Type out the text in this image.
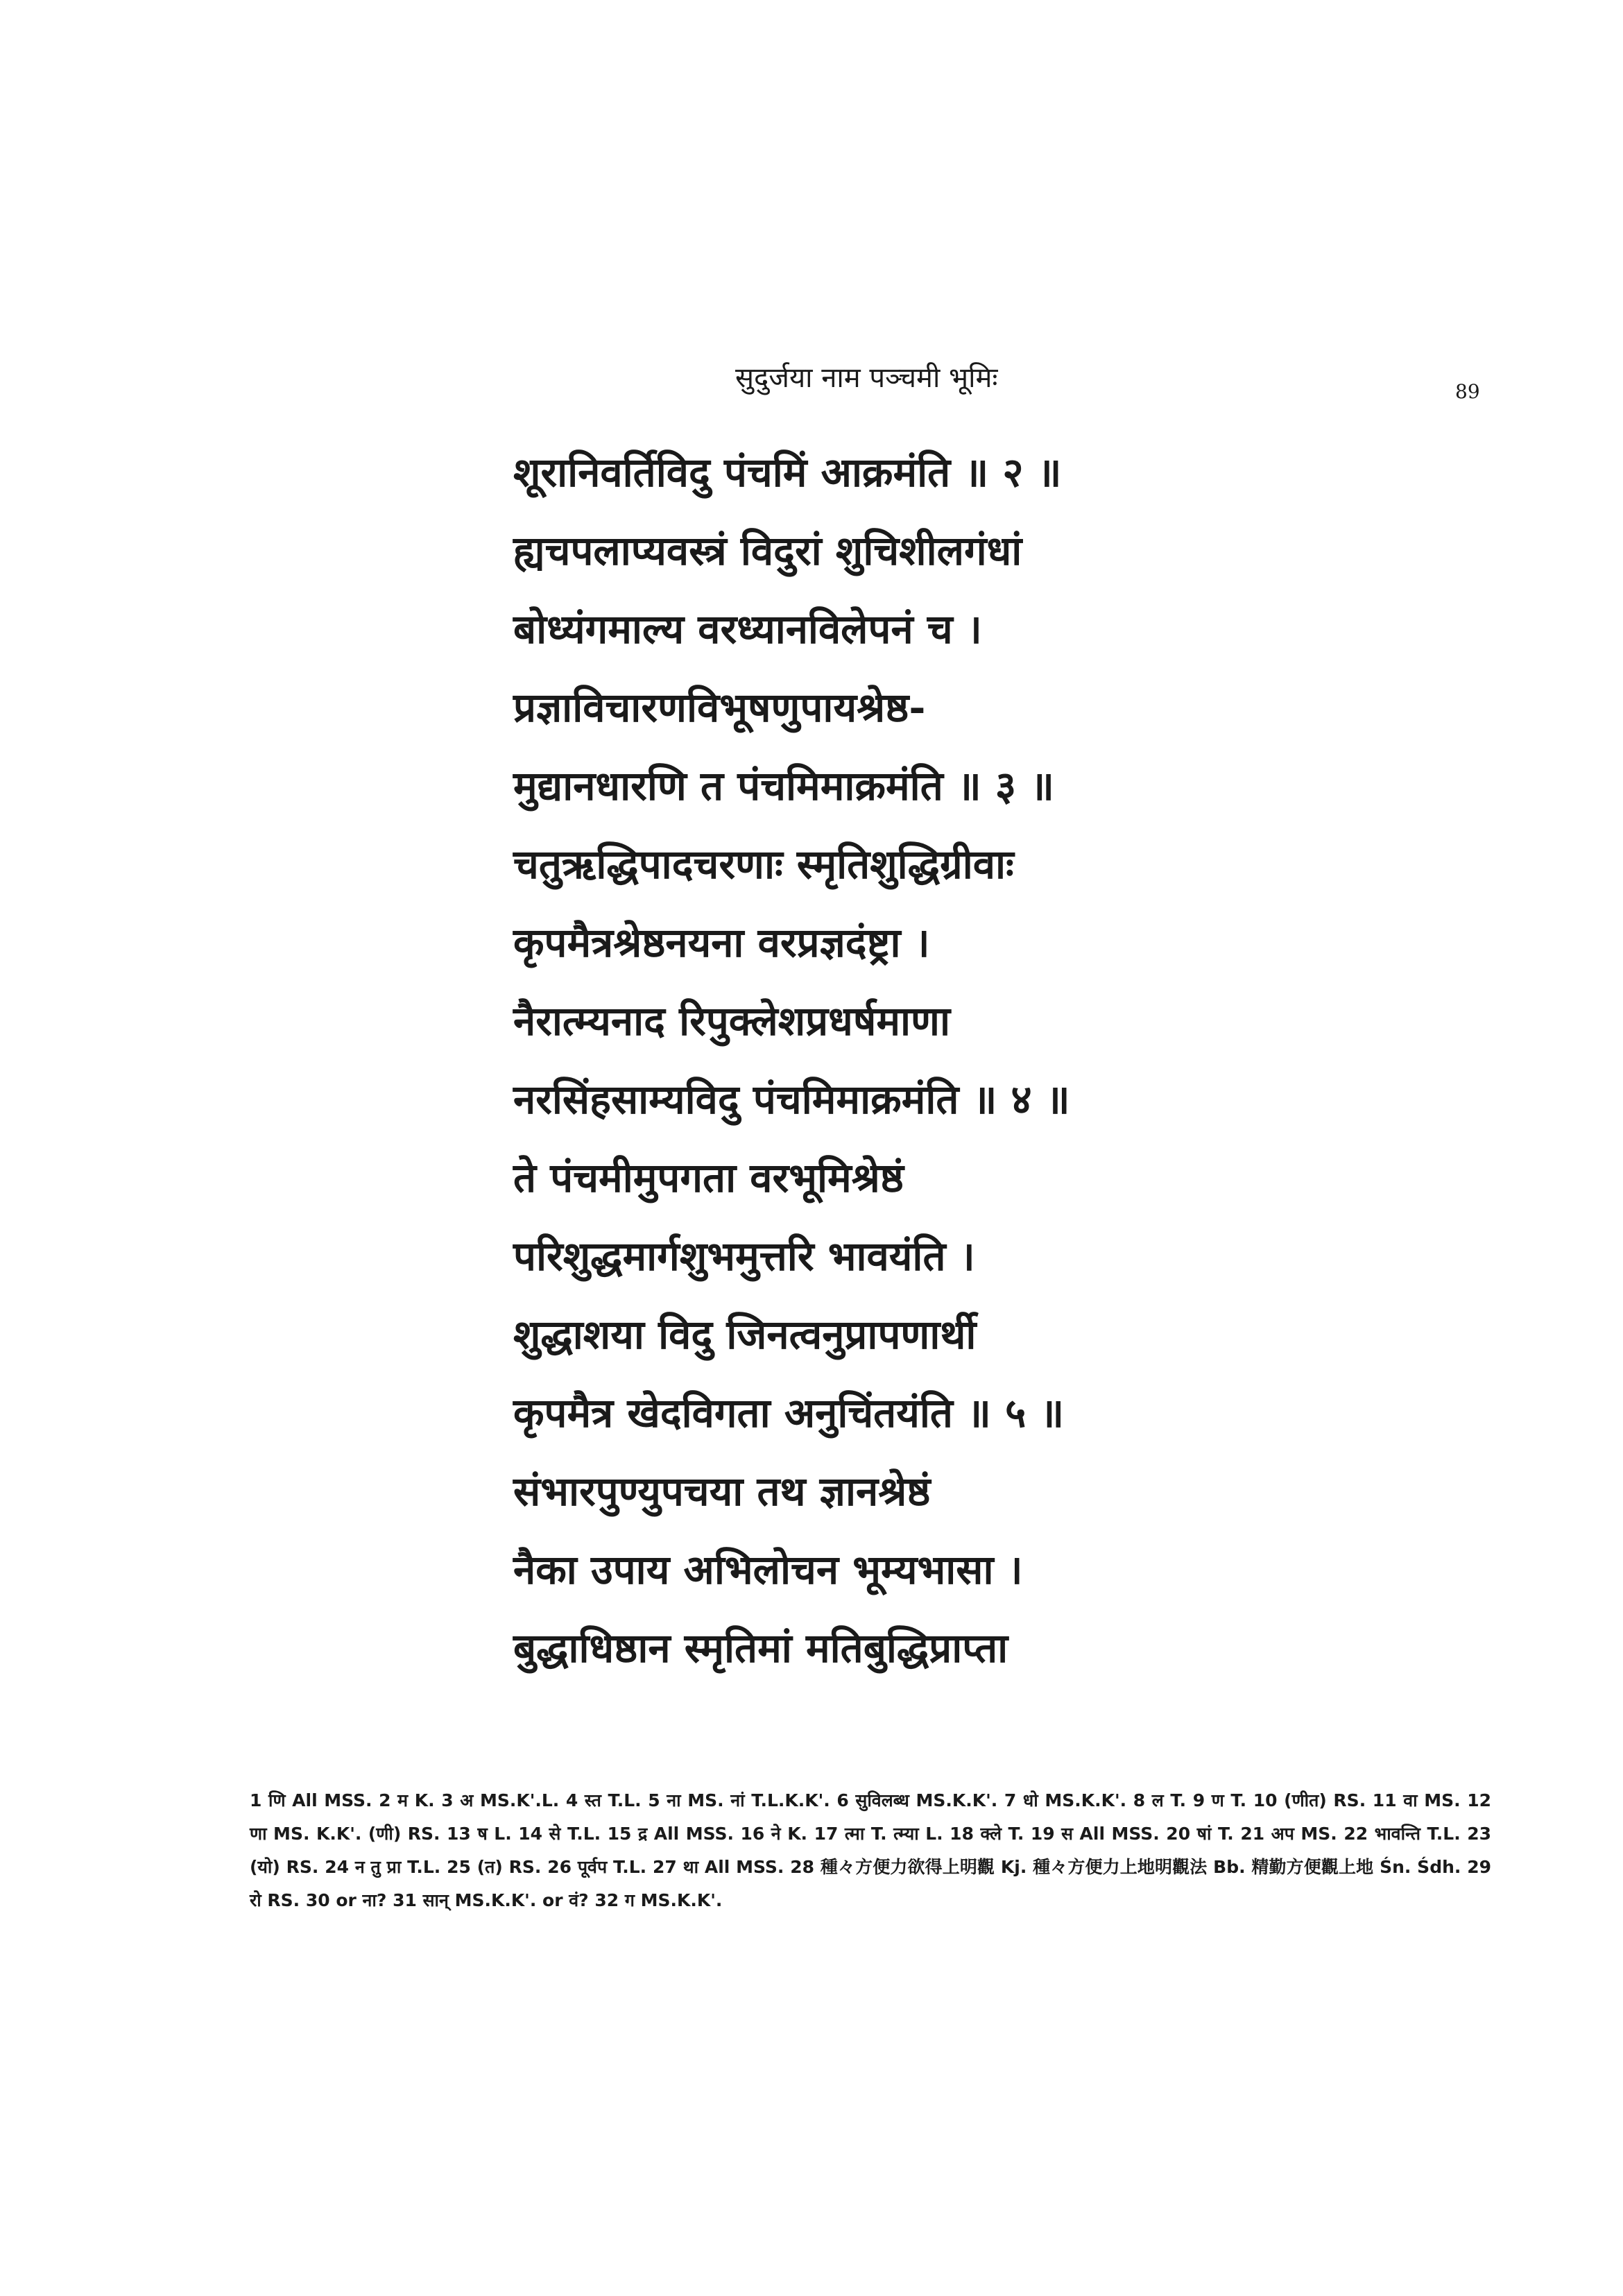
सुदुर्जया नाम पञ्चमी भूमिः	89
शूरानिवर्तिविदु पंचमिं आक्रमंति ॥ २ ॥
ह्यचपलाप्यवस्त्रं विदुरां शुचिशीलगंधां
बोध्यंगमाल्य वरध्यानविलेपनं च ।
प्रज्ञाविचारणविभूषणुपायश्रेष्ठ-
मुद्यानधारणि त पंचमिमाक्रमंति ॥ ३ ॥
चतुऋद्धिपादचरणाः स्मृतिशुद्धिग्रीवाः
कृपमैत्रश्रेष्ठनयना वरप्रज्ञदंष्ट्रा ।
नैरात्म्यनाद रिपुक्लेशप्रधर्षमाणा
नरसिंहसाम्यविदु पंचमिमाक्रमंति ॥ ४ ॥
ते पंचमीमुपगता वरभूमिश्रेष्ठं
परिशुद्धमार्गशुभमुत्तरि भावयंति ।
शुद्धाशया विदु जिनत्वनुप्रापणार्थी
कृपमैत्र खेदविगता अनुचिंतयंति ॥ ५ ॥
संभारपुण्युपचया तथ ज्ञानश्रेष्ठं
नैका उपाय अभिलोचन भूम्यभासा ।
बुद्धाधिष्ठान स्मृतिमां मतिबुद्धिप्राप्ता
1 णि All MSS. 2 म K. 3 अ MS.K'.L. 4 स्त T.L. 5 ना MS. नां T.L.K.K'. 6 सुविलब्ध MS.K.K'. 7 धो MS.K.K'. 8 ल T. 9 ण T. 10 (णीत) RS. 11 वा MS. 12 णा MS. K.K'. (णी) RS. 13 ष L. 14 से T.L. 15 द्र All MSS. 16 ने K. 17 त्मा T. त्म्या L. 18 क्ले T. 19 स All MSS. 20 षां T. 21 अप MS. 22 भावन्ति T.L. 23 (यो) RS. 24 न तु प्रा T.L. 25 (त) RS. 26 पूर्वप T.L. 27 था All MSS. 28 種々方便力欲得上明觀 Kj. 種々方便力上地明觀法 Bb. 精勤方便觀上地 Śn. Śdh. 29 रो RS. 30 or ना? 31 सान् MS.K.K'. or वं? 32 ग MS.K.K'.
